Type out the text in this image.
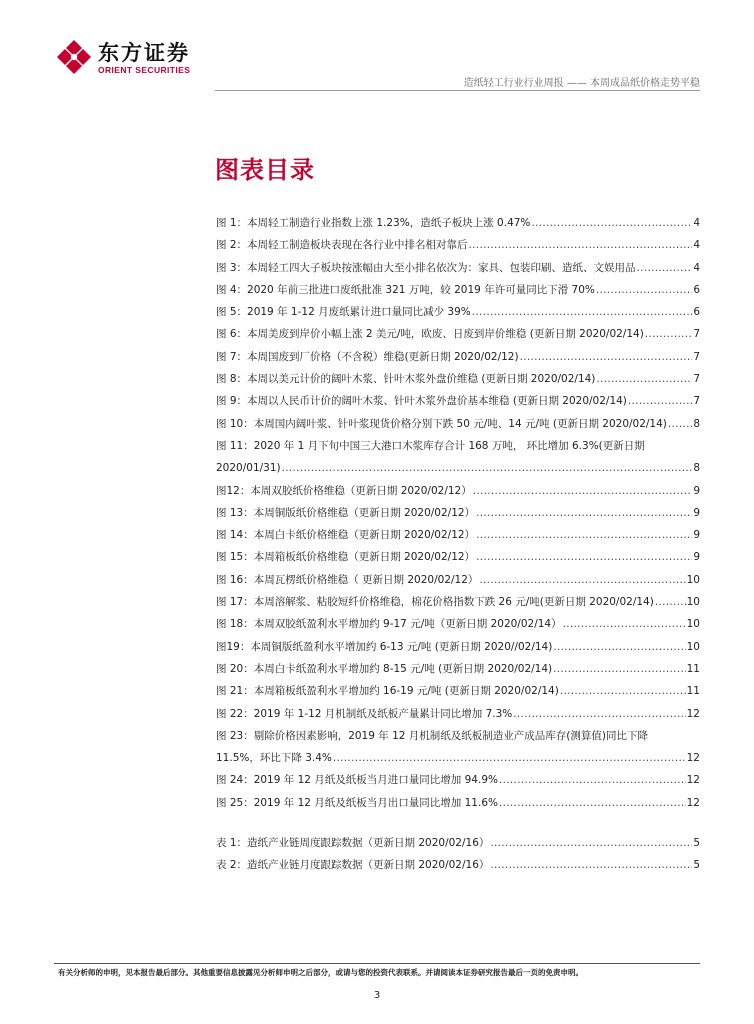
东方证券
ORIENT SECURITIES
造纸轻工行业行业周报 —— 本周成品纸价格走势平稳
图表目录
图 1：本周轻工制造行业指数上涨 1.23%，造纸子板块上涨 0.47% .....	4
图 2：本周轻工制造板块表现在各行业中排名相对靠后 .....	4
图 3：本周轻工四大子板块按涨幅由大至小排名依次为：家具、包装印刷、造纸、文娱用品 .....	4
图 4：2020 年前三批进口废纸批准 321 万吨，较 2019 年许可量同比下滑 70% .....	6
图 5：2019 年 1-12 月废纸累计进口量同比减少 39% .....	6
图 6：本周美废到岸价小幅上涨 2 美元/吨，欧废、日废到岸价维稳 (更新日期 2020/02/14) .....	7
图 7：本周国废到厂价格（不含税）维稳(更新日期 2020/02/12) .....	7
图 8：本周以美元计价的阔叶木浆、针叶木浆外盘价维稳 (更新日期 2020/02/14) .....	7
图 9：本周以人民币计价的阔叶木浆、针叶木浆外盘价基本维稳 (更新日期 2020/02/14) .....	7
图 10：本周国内阔叶浆、针叶浆现货价格分别下跌 50 元/吨、14 元/吨 (更新日期 2020/02/14) .....	8
图 11：2020 年 1 月下旬中国三大港口木浆库存合计 168 万吨， 环比增加 6.3%(更新日期
2020/01/31) .....	8
图12：本周双胶纸价格维稳（更新日期 2020/02/12） .....	9
图 13：本周铜版纸价格维稳（更新日期 2020/02/12） .....	9
图 14：本周白卡纸价格维稳（更新日期 2020/02/12） .....	9
图 15：本周箱板纸价格维稳（更新日期 2020/02/12） .....	9
图 16：本周瓦楞纸价格维稳（ 更新日期 2020/02/12） .....	10
图 17：本周溶解浆、粘胶短纤价格维稳，棉花价格指数下跌 26 元/吨(更新日期 2020/02/14) .....	10
图 18：本周双胶纸盈利水平增加约 9-17 元/吨（更新日期 2020/02/14） .....	10
图19：本周铜版纸盈利水平增加约 6-13 元/吨 (更新日期 2020//02/14) .....	10
图 20：本周白卡纸盈利水平增加约 8-15 元/吨 (更新日期 2020/02/14) .....	11
图 21：本周箱板纸盈利水平增加约 16-19 元/吨 (更新日期 2020/02/14) .....	11
图 22：2019 年 1-12 月机制纸及纸板产量累计同比增加 7.3% .....	12
图 23：剔除价格因素影响，2019 年 12 月机制纸及纸板制造业产成品库存(测算值)同比下降
11.5%，环比下降 3.4% .....	12
图 24：2019 年 12 月纸及纸板当月进口量同比增加 94.9% .....	12
图 25：2019 年 12 月纸及纸板当月出口量同比增加 11.6% .....	12
表 1：造纸产业链周度跟踪数据（更新日期 2020/02/16） .....	5
表 2：造纸产业链月度跟踪数据（更新日期 2020/02/16） .....	5
有关分析师的申明，见本报告最后部分。其他重要信息披露见分析师申明之后部分，或请与您的投资代表联系。并请阅读本证券研究报告最后一页的免责申明。
3
